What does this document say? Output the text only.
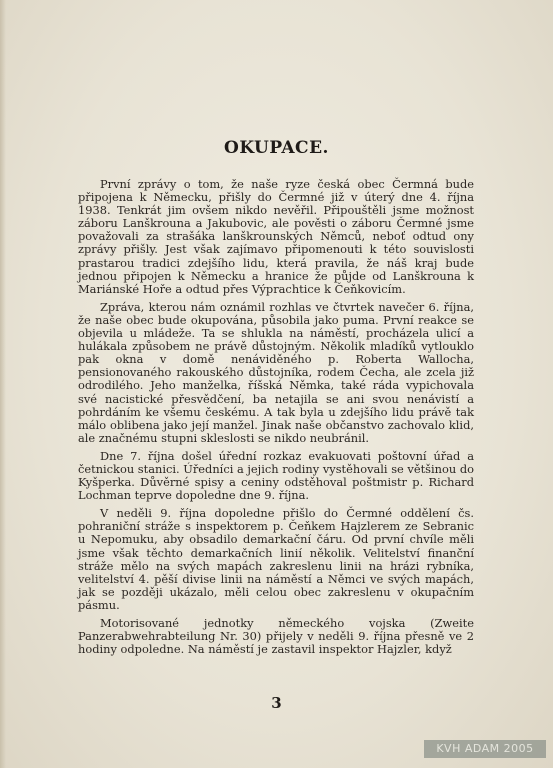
OKUPACE.

První zprávy o tom, že naše ryze česká obec Čermná bude připojena k Německu, přišly do Čermné již v úterý dne 4. října 1938. Tenkrát jim ovšem nikdo nevěřil. Připouštěli jsme možnost záboru Lanškrouna a Jakubovic, ale pověsti o záboru Čermné jsme považovali za strašáka lanškrounských Němců, neboť odtud ony zprávy přišly. Jest však zajímavo připomenouti k této souvislosti prastarou tradici zdejšího lidu, která pravila, že náš kraj bude jednou připojen k Německu a hranice že půjde od Lanškrouna k Mariánské Hoře a odtud přes Výprachtice k Čeňkovicím.

Zpráva, kterou nám oznámil rozhlas ve čtvrtek navečer 6. října, že naše obec bude okupována, působila jako puma. První reakce se objevila u mládeže. Ta se shlukla na náměstí, procházela ulicí a hulákala způsobem ne právě důstojným. Několik mladíků vytlouklo pak okna v domě nenáviděného p. Roberta Wallocha, pensionovaného rakouského důstojníka, rodem Čecha, ale zcela již odrodilého. Jeho manželka, říšská Němka, také ráda vypichovala své nacistické přesvědčení, ba netajila se ani svou nenávistí a pohrdáním ke všemu českému. A tak byla u zdejšího lidu právě tak málo oblibena jako její manžel. Jinak naše občanstvo zachovalo klid, ale značnému stupni skleslosti se nikdo neubránil.

Dne 7. října došel úřední rozkaz evakuovati poštovní úřad a četnickou stanici. Úředníci a jejich rodiny vystěhovali se většinou do Kyšperka. Důvěrné spisy a ceniny odstěhoval poštmistr p. Richard Lochman teprve dopoledne dne 9. října.

V neděli 9. října dopoledne přišlo do Čermné oddělení čs. pohraniční stráže s inspektorem p. Čeňkem Hajzlerem ze Sebranic u Nepomuku, aby obsadilo demarkační čáru. Od první chvíle měli jsme však těchto demarkačních linií několik. Velitelství finanční stráže mělo na svých mapách zakreslenu linii na hrázi rybníka, velitelství 4. pěší divise linii na náměstí a Němci ve svých mapách, jak se později ukázalo, měli celou obec zakreslenu v okupačním pásmu.

Motorisované jednotky německého vojska (Zweite Panzerabwehrabteilung Nr. 30) přijely v neděli 9. října přesně ve 2 hodiny odpoledne. Na náměstí je zastavil inspektor Hajzler, když

3
KVH ADAM 2005
